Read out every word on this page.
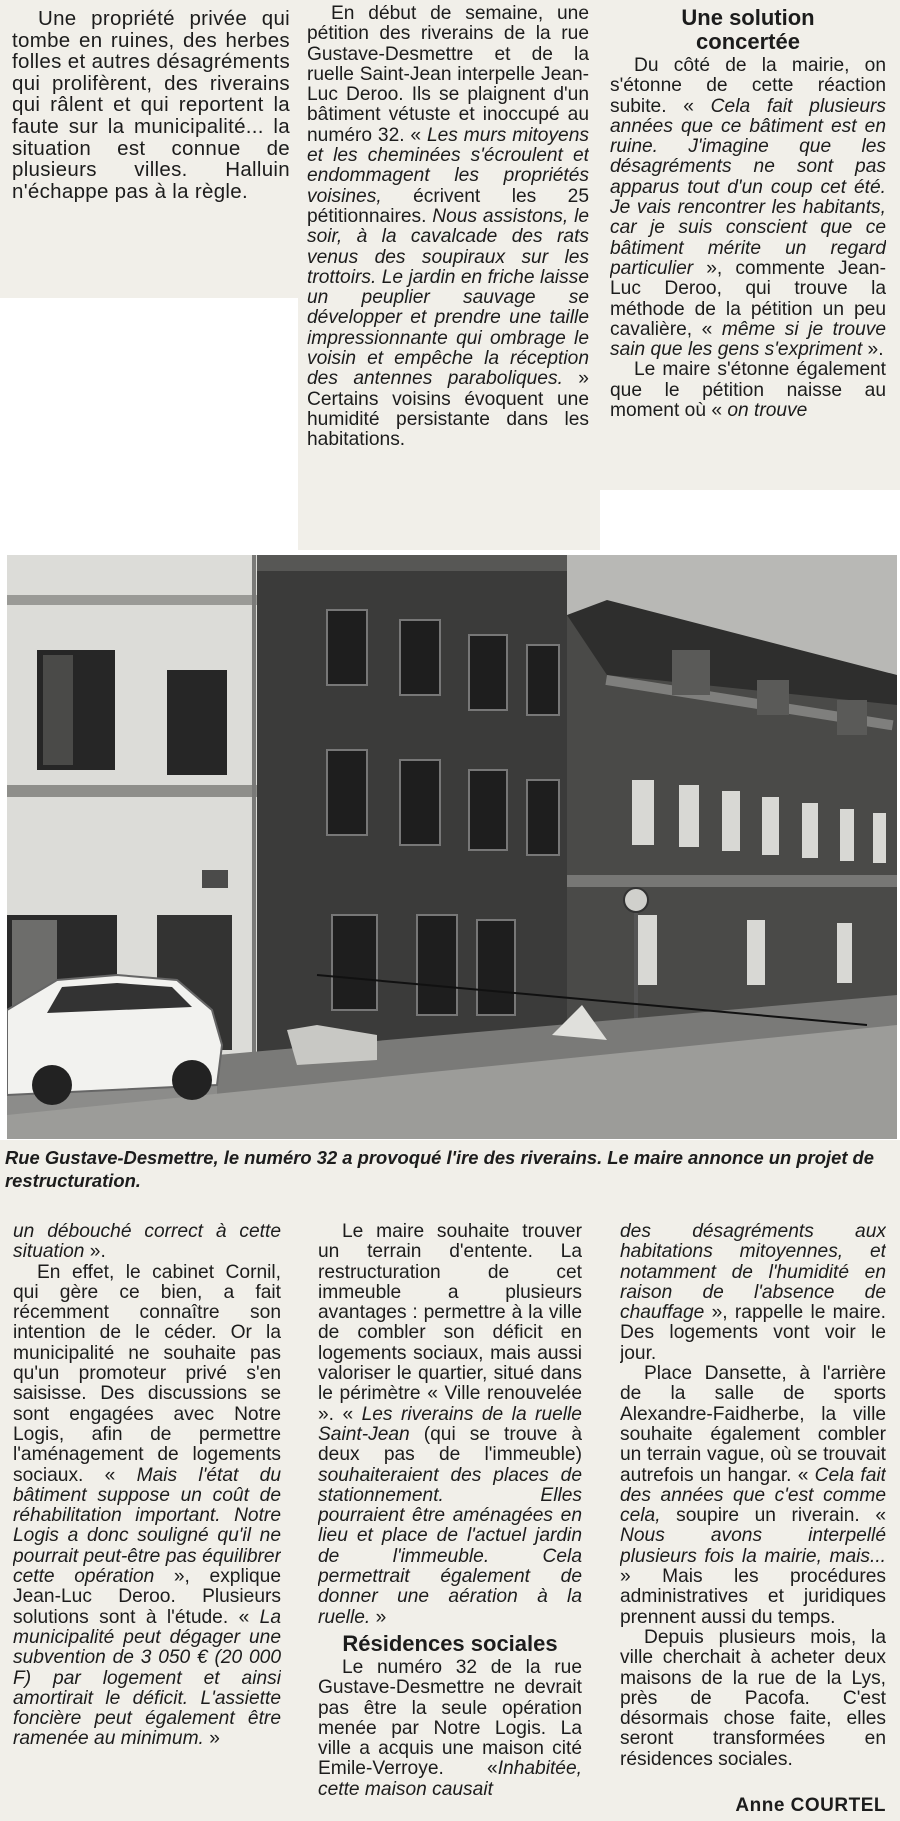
Une propriété privée qui tombe en ruines, des herbes folles et autres désagréments qui prolifèrent, des riverains qui râlent et qui reportent la faute sur la municipalité... la situation est connue de plusieurs villes. Halluin n'échappe pas à la règle.

En début de semaine, une pétition des riverains de la rue Gustave-Desmettre et de la ruelle Saint-Jean interpelle Jean-Luc Deroo. Ils se plaignent d'un bâtiment vétuste et inoccupé au numéro 32. « Les murs mitoyens et les cheminées s'écroulent et endommagent les propriétés voisines, écrivent les 25 pétitionnaires. Nous assistons, le soir, à la cavalcade des rats venus des soupiraux sur les trottoirs. Le jardin en friche laisse un peuplier sauvage se développer et prendre une taille impressionnante qui ombrage le voisin et empêche la réception des antennes paraboliques. » Certains voisins évoquent une humidité persistante dans les habitations.

Une solution concertée

Du côté de la mairie, on s'étonne de cette réaction subite. « Cela fait plusieurs années que ce bâtiment est en ruine. J'imagine que les désagréments ne sont pas apparus tout d'un coup cet été. Je vais rencontrer les habitants, car je suis conscient que ce bâtiment mérite un regard particulier », commente Jean-Luc Deroo, qui trouve la méthode de la pétition un peu cavalière, « même si je trouve sain que les gens s'expriment ».

Le maire s'étonne également que le pétition naisse au moment où « on trouve

Rue Gustave-Desmettre, le numéro 32 a provoqué l'ire des riverains. Le maire annonce un projet de restructuration.

un débouché correct à cette situation ».

En effet, le cabinet Cornil, qui gère ce bien, a fait récemment connaître son intention de le céder. Or la municipalité ne souhaite pas qu'un promoteur privé s'en saisisse. Des discussions se sont engagées avec Notre Logis, afin de permettre l'aménagement de logements sociaux. « Mais l'état du bâtiment suppose un coût de réhabilitation important. Notre Logis a donc souligné qu'il ne pourrait peut-être pas équilibrer cette opération », explique Jean-Luc Deroo. Plusieurs solutions sont à l'étude. « La municipalité peut dégager une subvention de 3 050 € (20 000 F) par logement et ainsi amortirait le déficit. L'assiette foncière peut également être ramenée au minimum. »

Le maire souhaite trouver un terrain d'entente. La restructuration de cet immeuble a plusieurs avantages : permettre à la ville de combler son déficit en logements sociaux, mais aussi valoriser le quartier, situé dans le périmètre « Ville renouvelée ». « Les riverains de la ruelle Saint-Jean (qui se trouve à deux pas de l'immeuble) souhaiteraient des places de stationnement. Elles pourraient être aménagées en lieu et place de l'actuel jardin de l'immeuble. Cela permettrait également de donner une aération à la ruelle. »

Résidences sociales

Le numéro 32 de la rue Gustave-Desmettre ne devrait pas être la seule opération menée par Notre Logis. La ville a acquis une maison cité Emile-Verroye. «Inhabitée, cette maison causait

des désagréments aux habitations mitoyennes, et notamment de l'humidité en raison de l'absence de chauffage », rappelle le maire. Des logements vont voir le jour.

Place Dansette, à l'arrière de la salle de sports Alexandre-Faidherbe, la ville souhaite également combler un terrain vague, où se trouvait autrefois un hangar. « Cela fait des années que c'est comme cela, soupire un riverain. « Nous avons interpellé plusieurs fois la mairie, mais... » Mais les procédures administratives et juridiques prennent aussi du temps.

Depuis plusieurs mois, la ville cherchait à acheter deux maisons de la rue de la Lys, près de Pacofa. C'est désormais chose faite, elles seront transformées en résidences sociales.

Anne COURTEL
